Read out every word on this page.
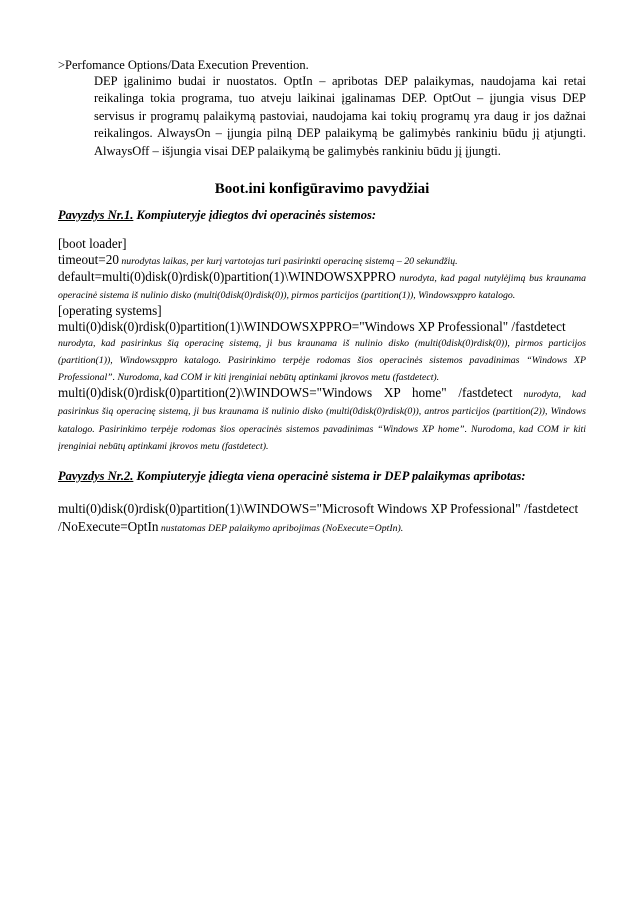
>Perfomance Options/Data Execution Prevention.

DEP įgalinimo budai ir nuostatos. OptIn – apribotas DEP palaikymas, naudojama kai retai reikalinga tokia programa, tuo atveju laikinai įgalinamas DEP. OptOut – įjungia visus DEP servisus ir programų palaikymą pastoviai, naudojama kai tokių programų yra daug ir jos dažnai reikalingos. AlwaysOn – įjungia pilną DEP palaikymą be galimybės rankiniu būdu jį atjungti. AlwaysOff – išjungia visai DEP palaikymą be galimybės rankiniu būdu jį įjungti.
Boot.ini konfigūravimo pavydžiai

Pavyzdys Nr.1. Kompiuteryje įdiegtos dvi operacinės sistemos:

[boot loader]

timeout=20 nurodytas laikas, per kurį vartotojas turi pasirinkti operacinę sistemą – 20 sekundžių.

default=multi(0)disk(0)rdisk(0)partition(1)\WINDOWSXPPRO nurodyta, kad pagal nutylėjimą bus kraunama operacinė sistema iš nulinio disko (multi(0disk(0)rdisk(0)), pirmos particijos (partition(1)), Windowsxppro katalogo.

[operating systems]

multi(0)disk(0)rdisk(0)partition(1)\WINDOWSXPPRO="Windows XP Professional" /fastdetect
nurodyta, kad pasirinkus šią operacinę sistemą, ji bus kraunama iš nulinio disko (multi(0disk(0)rdisk(0)), pirmos particijos (partition(1)), Windowsxppro katalogo. Pasirinkimo terpėje rodomas šios operacinės sistemos pavadinimas “Windows XP Professional”. Nurodoma, kad COM ir kiti įrenginiai nebūtų aptinkami įkrovos metu (fastdetect).

multi(0)disk(0)rdisk(0)partition(2)\WINDOWS="Windows XP home" /fastdetect nurodyta, kad pasirinkus šią operacinę sistemą, ji bus kraunama iš nulinio disko (multi(0disk(0)rdisk(0)), antros particijos (partition(2)), Windows katalogo. Pasirinkimo terpėje rodomas šios operacinės sistemos pavadinimas “Windows XP home”. Nurodoma, kad COM ir kiti įrenginiai nebūtų aptinkami įkrovos metu (fastdetect).

Pavyzdys Nr.2. Kompiuteryje įdiegta viena operacinė sistema ir DEP palaikymas apribotas:

multi(0)disk(0)rdisk(0)partition(1)\WINDOWS="Microsoft Windows XP Professional" /fastdetect
/NoExecute=OptIn nustatomas DEP palaikymo apribojimas (NoExecute=OptIn).
